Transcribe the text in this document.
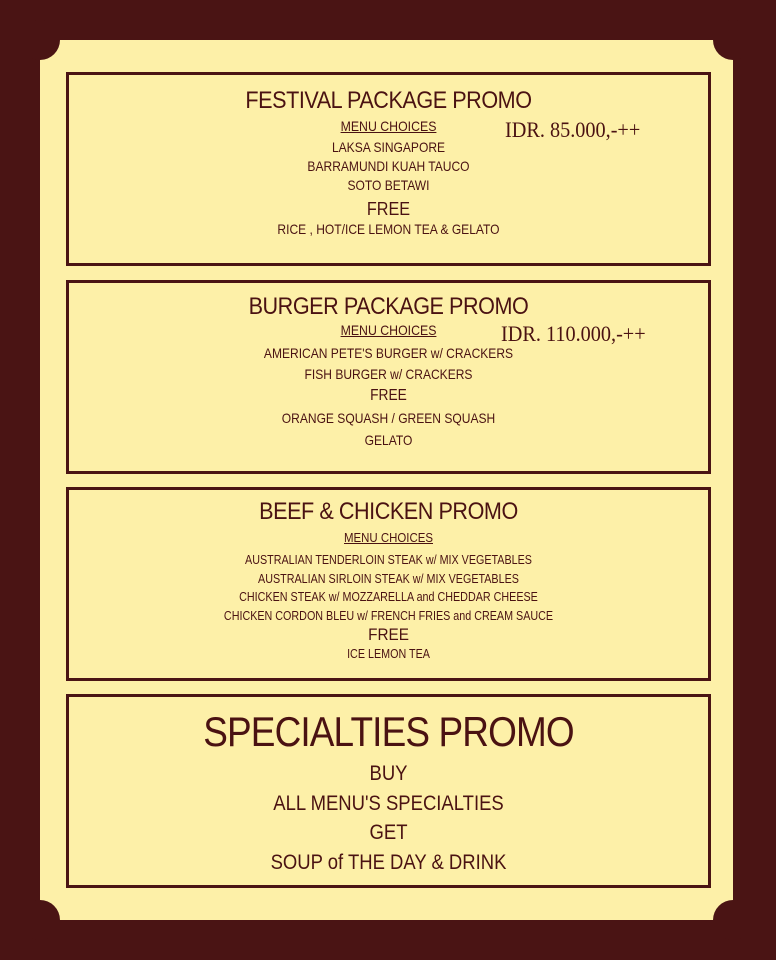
FESTIVAL PACKAGE PROMO
MENU CHOICES	IDR. 85.000,-++
LAKSA SINGAPORE
BARRAMUNDI KUAH TAUCO
SOTO BETAWI
FREE
RICE , HOT/ICE LEMON TEA & GELATO
BURGER PACKAGE PROMO
MENU CHOICES	IDR. 110.000,-++
AMERICAN PETE'S BURGER w/ CRACKERS
FISH BURGER w/ CRACKERS
FREE
ORANGE SQUASH / GREEN SQUASH
GELATO
BEEF & CHICKEN PROMO
MENU CHOICES
AUSTRALIAN TENDERLOIN STEAK w/ MIX VEGETABLES
AUSTRALIAN SIRLOIN STEAK w/ MIX VEGETABLES
CHICKEN STEAK w/ MOZZARELLA and CHEDDAR CHEESE
CHICKEN CORDON BLEU w/ FRENCH FRIES and CREAM SAUCE
FREE
ICE LEMON TEA
SPECIALTIES PROMO
BUY
ALL MENU'S SPECIALTIES
GET
SOUP of THE DAY & DRINK
